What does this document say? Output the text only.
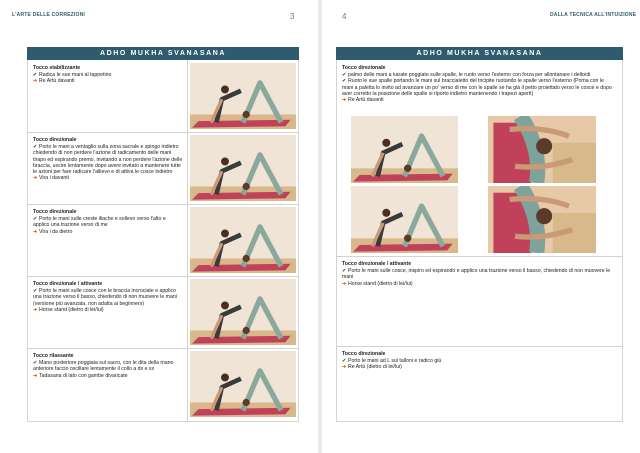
L'ARTE DELLE CORREZIONI	3
ADHO MUKHA SVANASANA
Tocco stabilizzante
✔ Radica le sue mani al tappetino
➜ Re Artù davanti
Tocco direzionale
✔ Porto le mani a ventaglio sulla zona sacrale e spingo indietro chiedendo di non perdere l'azione di radicamento delle mani tirapo ed espirando premo, invitando a non perdere l'azione delle braccia, uscire lentamente dopo avere invitato a mantenere tutte le azioni per fare radicare l'allievo e di attiva le cosce indietro
➜ Vira i davanti
Tocco direzionale
✔ Porto le mani sulle creste iliache e sollevo verso l'alto e applico una trazione verso di me
➜ Vira i da dietro
Tocco direzionale / attivante
✔ Porto le mani sulle cosce con le braccia incrociate e applico una trazione verso il basso, chiedendo di non muovere le mani (versione più avanzata, non adatta ai beginners)
➜ Horse stand (dietro di lei/lui)
Tocco rilassante
✔ Mano posteriore poggiata sul sacro, con le dita della mano anteriore faccio oscillare lentamente il collo a dx e sx
➜ Tadasana di lato con gambe divaricate
DALLA TECNICA ALL'INTUIZIONE
4
ADHO MUKHA SVANASANA
Tocco direzionale
✔ palmo delle mani a karate poggiate sulle spalle, le ruoto verso l'esterno con forza per allontanare i deltoidi
✔ Ruoto le sue spalle portando le mani sul braccialetto del tricipite ruotando le spalle verso l'esterno (Prima con le mani a paletta lo invito ad avanzare un po' verso di me con le spalle se ha già il petto proiettato verso le cosce e dopo aver corretto la posizione delle spalle si riporto indietro mantenendo i trapezi aperti)
➜ Re Artù davanti
Tocco direzionale / attivante
✔ Porto le mani sulle cosce, inspiro ed espirando e applico una trazione verso il basso, chiedendo di non muovere le mani
➜ Horse stand (dietro di lei/lui)
Tocco direzionale
✔ Porto le mani ad L sui talloni e radico giù
➜ Re Artù (dietro di lei/lui)
